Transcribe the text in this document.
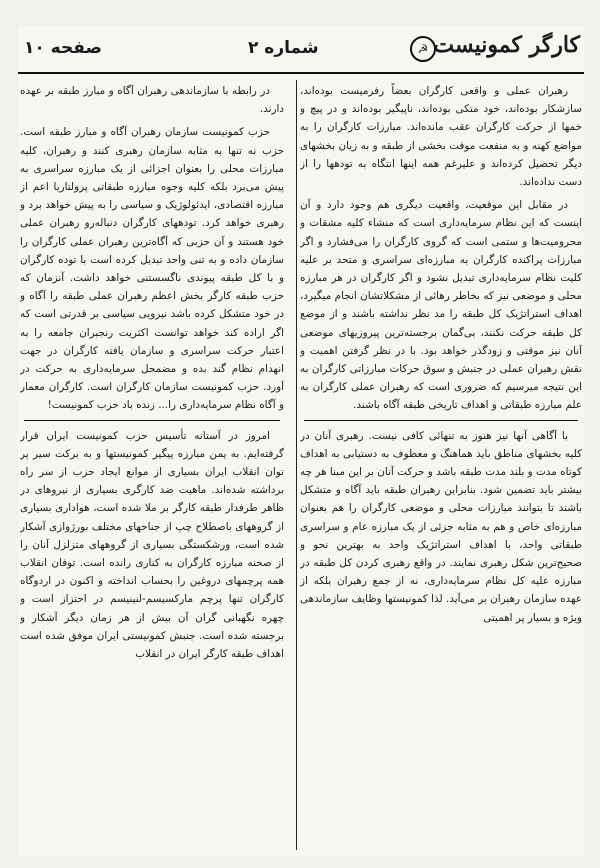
☭ کارگر کمونیست
شماره ۲
صفحه ۱۰

رهبران عملی و واقعی کارگران بعضاً رفرمیست بوده‌اند، سازشکار بوده‌اند، خود متکی بوده‌اند، ناپیگیر بوده‌اند و در پیچ و خمها از حرکت کارگران عقب مانده‌اند. مبارزات کارگران را به مواضع کهنه و به منفعت موقت بخشی از طبقه و به زیان بخشهای دیگر تحصیل کرده‌اند و علیرغم همه اینها انتگاه به تودهها را از دست نداده‌اند.

در مقابل این موقعیت، واقعیت دیگری هم وجود دارد و آن اینست که این نظام سرمایه‌داری است که منشاء کلیه مشقات و محرومیت‌ها و ستمی است که گروی کارگران را می‌فشارد و اگر مبارزات پراکنده کارگران به مبارزه‌ای سراسری و متحد بر علیه کلیت نظام سرمایه‌داری تبدیل نشود و اگر کارگران در هر مبارزه محلی و موضعی نیز که بخاطر رهائی از مشکلاتشان انجام میگیرد، اهداف استراتژیک کل طبقه را مد نظر نداشته باشند و از موضع کل طبقه حرکت نکنند، بی‌گمان برجسته‌ترین پیروزیهای موضعی آنان نیز موقتی و زودگذر خواهد بود. با در نظر گرفتن اهمیت و نقش رهبران عملی در جنبش و سوق حرکات مبارزاتی کارگران به این نتیجه میرسیم که ضروری است که رهبران عملی کارگران به علم مبارزه طبقاتی و اهداف تاریخی طبقه آگاه باشند.

با آگاهی آنها نیز هنوز به تنهائی کافی نیست. رهبری آنان در کلیه بخشهای مناطق باید هماهنگ و معطوف به دستیابی به اهداف کوتاه مدت و بلند مدت طبقه باشد و حرکت آنان بر این مبنا هر چه بیشتر باید تضمین شود. بنابراین رهبران طبقه باید آگاه و متشکل باشند تا بتوانند مبارزات محلی و موضعی کارگران را هم بعنوان مبارزه‌ای خاص و هم به مثابه جزئی از یک مبارزه عام و سراسری طبقاتی واحد، با اهداف استراتژیک واحد به بهترین نحو و صحیح‌ترین شکل رهبری نمایند. در واقع رهبری کردن کل طبقه در مبارزه علیه کل نظام سرمایه‌داری، نه از جمع رهبران بلکه از عهده سازمان رهبران بر می‌آید. لذا کمونیستها وظایف سازماندهی ویژه و بسیار پر اهمیتی

در رابطه با سازماندهی رهبران آگاه و مبارز طبقه بر عهده دارند.

حزب کمونیست سازمان رهبران آگاه و مبارز طبقه است. حزب نه تنها به مثابه سازمان رهبری کنند و رهبران، کلیه مبارزات محلی را بعنوان اجزائی از یک مبارزه سراسری به پیش می‌برد بلکه کلیه وجوه مبارزه طبقاتی پرولتاریا اعم از مبارزه اقتصادی، ایدئولوژیک و سیاسی را به پیش خواهد برد و رهبری خواهد کرد. تودههای کارگران دنباله‌رو رهبران عملی خود هستند و آن حزبی که آگاه‌ترین رهبران عملی کارگران را سازمان داده و به تنی واحد تبدیل کرده است با توده کارگران و با کل طبقه پیوندی ناگسستنی خواهد داشت. آنزمان که حزب طبقه کارگر بخش اعظم رهبران عملی طبقه را آگاه و در خود متشکل کرده باشد نیرویی سیاسی بر قدرتی است که اگر اراده کند خواهد توانست اکثریت رنجبران جامعه را به اعتبار حرکت سراسری و سازمان یافته کارگران در جهت انهدام نظام گند بده و مضمحل سرمایه‌داری به حرکت در آورد. حزب کمونیست سازمان کارگران است. کارگران معمار و آگاه نظام سرمایه‌داری را... زنده باد حزب کمونیست!

امروز در آستانه تأسیس حزب کمونیست ایران قرار گرفته‌ایم. به یمن مبارزه پیگیر کمونیستها و به برکت سیر پر توان انقلاب ایران بسیاری از موانع ایجاد حزب از سر راه برداشته شده‌اند. ماهیت ضد کارگری بسیاری از نیروهای در ظاهر طرفدار طبقه کارگر بر ملا شده است، هواداری بسیاری از گروههای باصطلاح چپ از جناحهای مختلف بورژوازی آشکار شده است، ورشکستگی بسیاری از گروههای متزلزل آنان را از صحنه مبارزه کارگران به کناری رانده است. توفان انقلاب همه پرچمهای دروغین را بحساب انداخته و اکنون در اردوگاه کارگران تنها پرچم مارکسیسم-لنینیسم در احتزاز است و چهره نگهبانی گران آن بیش از هر زمان دیگر آشکار و برجسته شده است. جنبش کمونیستی ایران موفق شده است اهداف طبقه کارگر ایران در انقلاب
